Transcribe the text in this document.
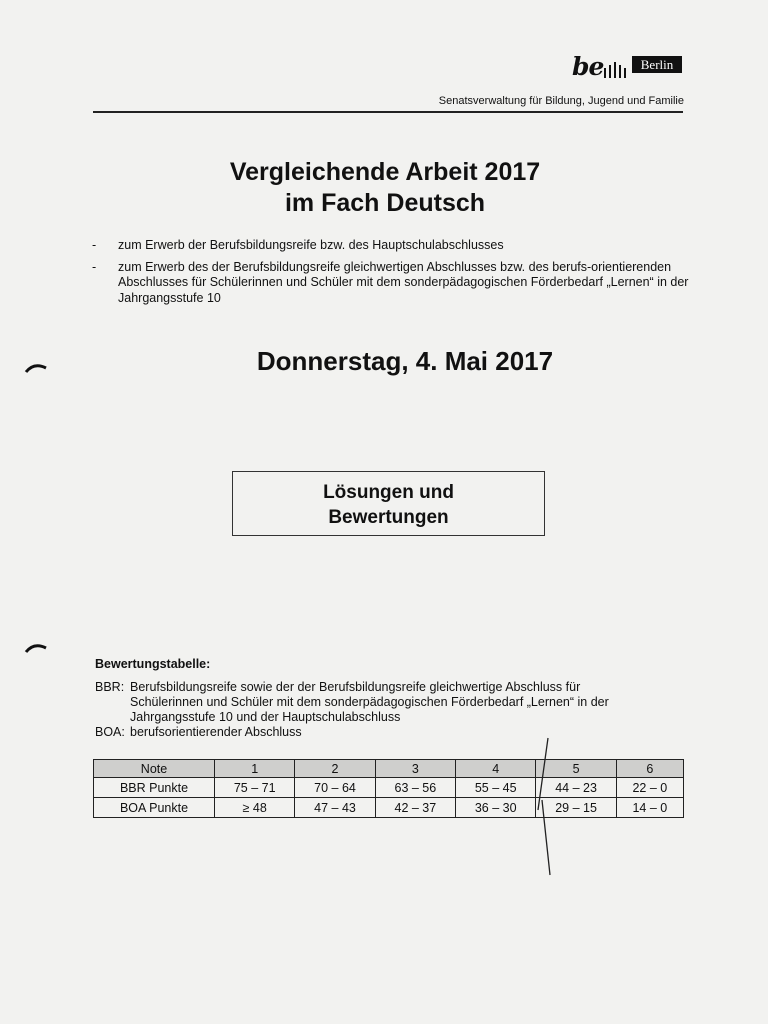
be	Berlin
Senatsverwaltung für Bildung, Jugend und Familie
Vergleichende Arbeit 2017
im Fach Deutsch
- zum Erwerb der Berufsbildungsreife bzw. des Hauptschulabschlusses
- zum Erwerb des der Berufsbildungsreife gleichwertigen Abschlusses bzw. des berufs-orientierenden Abschlusses für Schülerinnen und Schüler mit dem sonderpädagogischen Förderbedarf „Lernen“ in der Jahrgangsstufe 10
Donnerstag, 4. Mai 2017
Lösungen und
Bewertungen
Bewertungstabelle:
BBR: Berufsbildungsreife sowie der der Berufsbildungsreife gleichwertige Abschluss für
Schülerinnen und Schüler mit dem sonderpädagogischen Förderbedarf „Lernen“ in der
Jahrgangsstufe 10 und der Hauptschulabschluss
BOA: berufsorientierender Abschluss
Note	1	2	3	4	5	6
BBR Punkte	75 – 71	70 – 64	63 – 56	55 – 45	44 – 23	22 – 0
BOA Punkte	≥ 48	47 – 43	42 – 37	36 – 30	29 – 15	14 – 0
